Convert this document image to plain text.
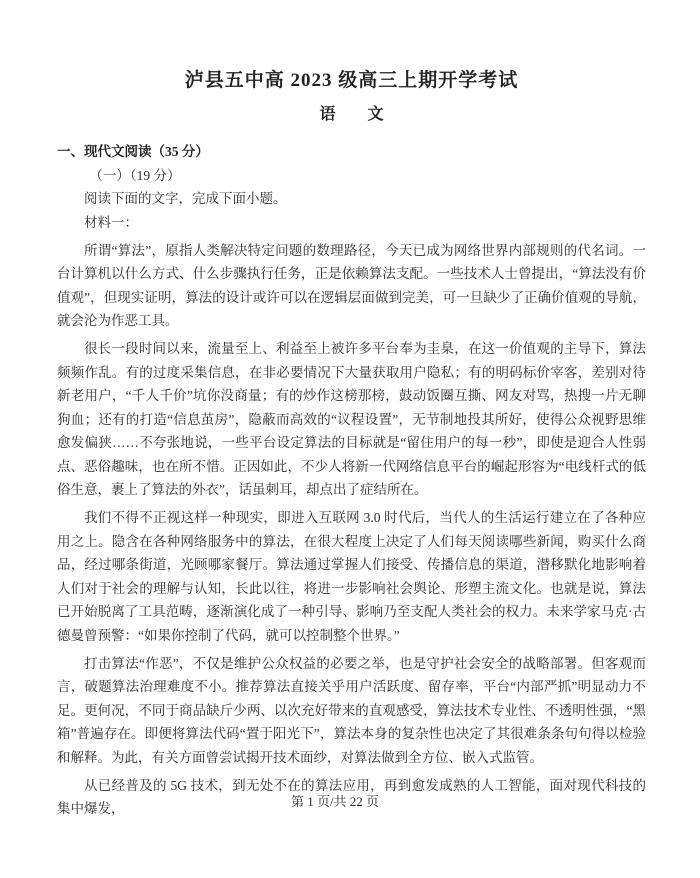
泸县五中高 2023 级高三上期开学考试
语　　文
一、现代文阅读（35 分）
（一）（19 分）
阅读下面的文字，完成下面小题。
材料一：

所谓“算法”，原指人类解决特定问题的数理路径，今天已成为网络世界内部规则的代名词。一台计算机以什么方式、什么步骤执行任务，正是依赖算法支配。一些技术人士曾提出，“算法没有价值观”，但现实证明，算法的设计或许可以在逻辑层面做到完美，可一旦缺少了正确价值观的导航，就会沦为作恶工具。

很长一段时间以来，流量至上、利益至上被许多平台奉为圭臬，在这一价值观的主导下，算法频频作乱。有的过度采集信息，在非必要情况下大量获取用户隐私；有的明码标价宰客，差别对待新老用户，“千人千价”坑你没商量；有的炒作这榜那榜，鼓动饭圈互撕、网友对骂，热搜一片无聊狗血；还有的打造“信息茧房”，隐蔽而高效的“议程设置”，无节制地投其所好，使得公众视野思维愈发偏狭……不夸张地说，一些平台设定算法的目标就是“留住用户的每一秒”，即使是迎合人性弱点、恶俗趣味，也在所不惜。正因如此，不少人将新一代网络信息平台的崛起形容为“电线杆式的低俗生意，裹上了算法的外衣”，话虽刺耳，却点出了症结所在。

我们不得不正视这样一种现实，即进入互联网 3.0 时代后，当代人的生活运行建立在了各种应用之上。隐含在各种网络服务中的算法，在很大程度上决定了人们每天阅读哪些新闻，购买什么商品，经过哪条街道，光顾哪家餐厅。算法通过掌握人们接受、传播信息的渠道，潜移默化地影响着人们对于社会的理解与认知，长此以往，将进一步影响社会舆论、形塑主流文化。也就是说，算法已开始脱离了工具范畴，逐渐演化成了一种引导、影响乃至支配人类社会的权力。未来学家马克·古德曼曾预警：“如果你控制了代码，就可以控制整个世界。”

打击算法“作恶”，不仅是维护公众权益的必要之举，也是守护社会安全的战略部署。但客观而言，破题算法治理难度不小。推荐算法直接关乎用户活跃度、留存率，平台“内部严抓”明显动力不足。更何况，不同于商品缺斤少两、以次充好带来的直观感受，算法技术专业性、不透明性强，“黑箱”普遍存在。即便将算法代码“置于阳光下”，算法本身的复杂性也决定了其很难条条句句得以检验和解释。为此，有关方面曾尝试揭开技术面纱，对算法做到全方位、嵌入式监管。

从已经普及的 5G 技术，到无处不在的算法应用，再到愈发成熟的人工智能，面对现代科技的集中爆发，	第 1 页/共 22 页
